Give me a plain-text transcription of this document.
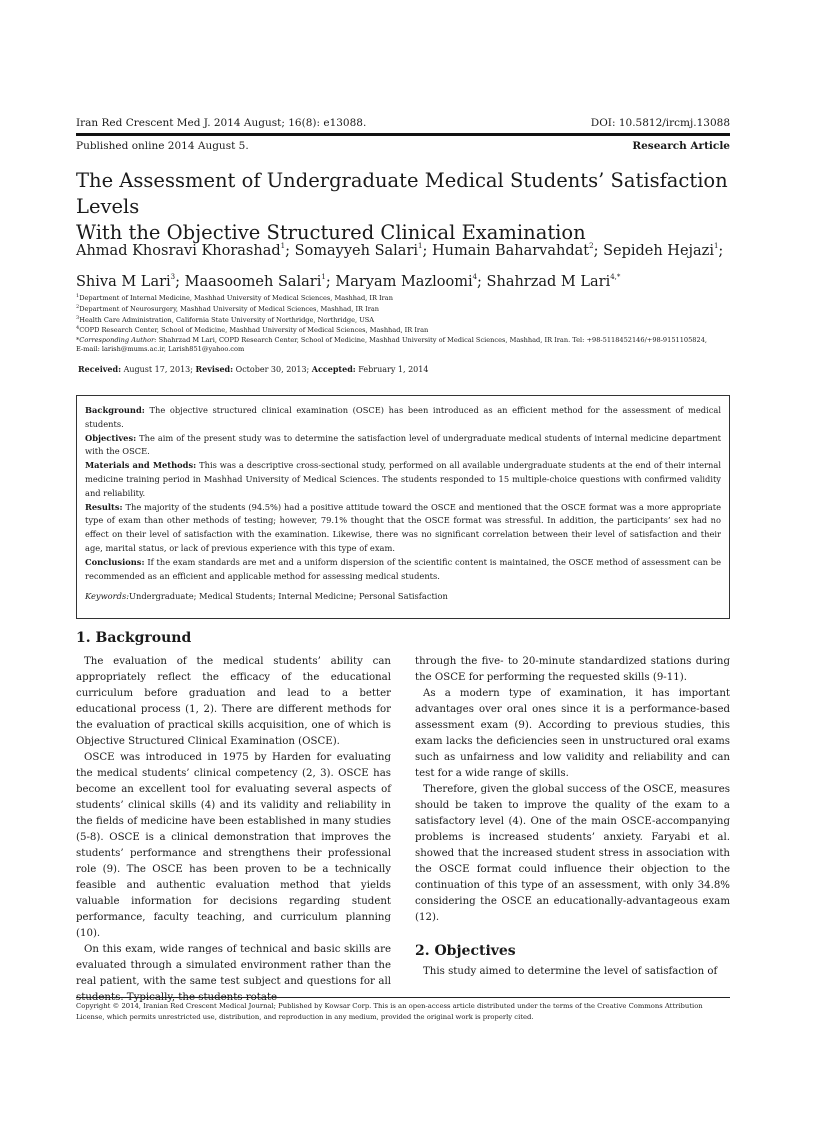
Iran Red Crescent Med J. 2014 August; 16(8): e13088.	DOI: 10.5812/ircmj.13088
Published online 2014 August 5.	Research Article
The Assessment of Undergraduate Medical Students’ Satisfaction Levels
With the Objective Structured Clinical Examination
Ahmad Khosravi Khorashad$^1$; Somayyeh Salari$^1$; Humain Baharvahdat$^2$; Sepideh Hejazi$^1$;
Shiva M Lari$^3$; Maasoomeh Salari$^1$; Maryam Mazloomi$^4$; Shahrzad M Lari$^{4,*}$
$^1$Department of Internal Medicine, Mashhad University of Medical Sciences, Mashhad, IR Iran
$^2$Department of Neurosurgery, Mashhad University of Medical Sciences, Mashhad, IR Iran
$^3$Health Care Administration, California State University of Northridge, Northridge, USA
$^4$COPD Research Center, School of Medicine, Mashhad University of Medical Sciences, Mashhad, IR Iran
*Corresponding Author: Shahrzad M Lari, COPD Research Center, School of Medicine, Mashhad University of Medical Sciences, Mashhad, IR Iran. Tel: +98-5118452146/+98-9151105824,
E-mail: larish@mums.ac.ir, Larish851@yahoo.com
Received: August 17, 2013; Revised: October 30, 2013; Accepted: February 1, 2014

Background: The objective structured clinical examination (OSCE) has been introduced as an efficient method for the assessment of medical students.

Objectives: The aim of the present study was to determine the satisfaction level of undergraduate medical students of internal medicine department with the OSCE.

Materials and Methods: This was a descriptive cross-sectional study, performed on all available undergraduate students at the end of their internal medicine training period in Mashhad University of Medical Sciences. The students responded to 15 multiple-choice questions with confirmed validity and reliability.

Results: The majority of the students (94.5%) had a positive attitude toward the OSCE and mentioned that the OSCE format was a more appropriate type of exam than other methods of testing; however, 79.1% thought that the OSCE format was stressful. In addition, the participants’ sex had no effect on their level of satisfaction with the examination. Likewise, there was no significant correlation between their level of satisfaction and their age, marital status, or lack of previous experience with this type of exam.

Conclusions: If the exam standards are met and a uniform dispersion of the scientific content is maintained, the OSCE method of assessment can be recommended as an efficient and applicable method for assessing medical students.

Keywords:Undergraduate; Medical Students; Internal Medicine; Personal Satisfaction

1. Background

The evaluation of the medical students’ ability can appropriately reflect the efficacy of the educational curriculum before graduation and lead to a better educational process (1, 2). There are different methods for the evaluation of practical skills acquisition, one of which is Objective Structured Clinical Examination (OSCE).

OSCE was introduced in 1975 by Harden for evaluating the medical students’ clinical competency (2, 3). OSCE has become an excellent tool for evaluating several aspects of students’ clinical skills (4) and its validity and reliability in the fields of medicine have been established in many studies (5-8). OSCE is a clinical demonstration that improves the students’ performance and strengthens their professional role (9). The OSCE has been proven to be a technically feasible and authentic evaluation method that yields valuable information for decisions regarding student performance, faculty teaching, and curriculum planning (10).

On this exam, wide ranges of technical and basic skills are evaluated through a simulated environment rather than the real patient, with the same test subject and questions for all

through the five- to 20-minute standardized stations during the OSCE for performing the requested skills (9-11).

As a modern type of examination, it has important advantages over oral ones since it is a performance-based assessment exam (9). According to previous studies, this exam lacks the deficiencies seen in unstructured oral exams such as unfairness and low validity and reliability and can test for a wide range of skills.

Therefore, given the global success of the OSCE, measures should be taken to improve the quality of the exam to a satisfactory level (4). One of the main OSCE-accompanying problems is increased students’ anxiety. Faryabi et al. showed that the increased student stress in association with the OSCE format could influence their objection to the continuation of this type of an assessment, with only 34.8% considering the OSCE an educationally-advantageous exam (12).

2. Objectives

This study aimed to determine the level of satisfaction of

Copyright © 2014, Iranian Red Crescent Medical Journal; Published by Kowsar Corp. This is an open-access article distributed under the terms of the Creative Commons Attribution License, which permits unrestricted use, distribution, and reproduction in any medium, provided the original work is properly cited.
